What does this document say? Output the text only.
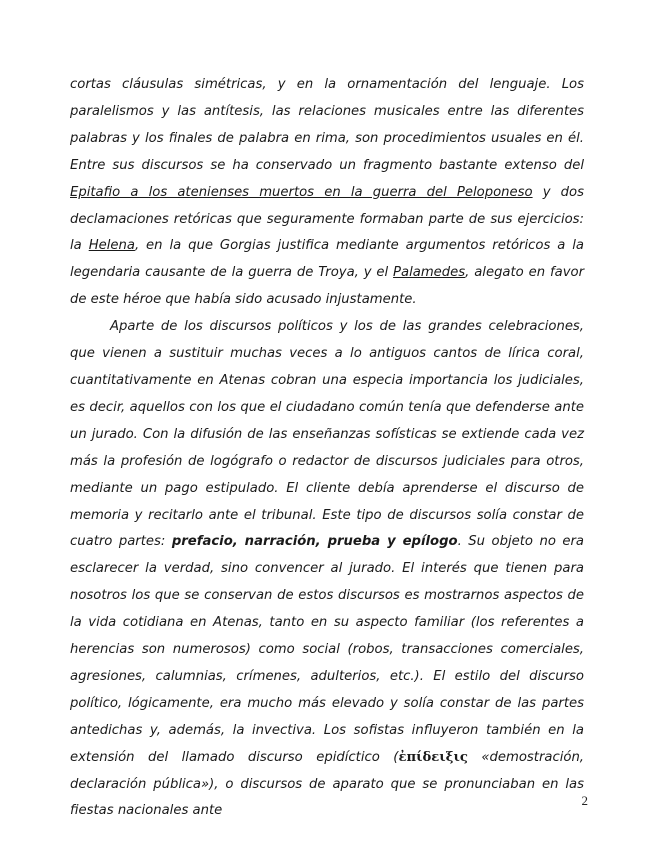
cortas cláusulas simétricas, y en la ornamentación del lenguaje. Los paralelismos y las antítesis, las relaciones musicales entre las diferentes palabras y los finales de palabra en rima, son procedimientos usuales en él. Entre sus discursos se ha conservado un fragmento bastante extenso del Epitafio a los atenienses muertos en la guerra del Peloponeso y dos declamaciones retóricas que seguramente formaban parte de sus ejercicios: la Helena, en la que Gorgias justifica mediante argumentos retóricos a la legendaria causante de la guerra de Troya, y el Palamedes, alegato en favor de este héroe que había sido acusado injustamente.

Aparte de los discursos políticos y los de las grandes celebraciones, que vienen a sustituir muchas veces a lo antiguos cantos de lírica coral, cuantitativamente en Atenas cobran una especia importancia los judiciales, es decir, aquellos con los que el ciudadano común tenía que defenderse ante un jurado. Con la difusión de las enseñanzas sofísticas se extiende cada vez más la profesión de logógrafo o redactor de discursos judiciales para otros, mediante un pago estipulado. El cliente debía aprenderse el discurso de memoria y recitarlo ante el tribunal. Este tipo de discursos solía constar de cuatro partes: prefacio, narración, prueba y epílogo. Su objeto no era esclarecer la verdad, sino convencer al jurado. El interés que tienen para nosotros los que se conservan de estos discursos es mostrarnos aspectos de la vida cotidiana en Atenas, tanto en su aspecto familiar (los referentes a herencias son numerosos) como social (robos, transacciones comerciales, agresiones, calumnias, crímenes, adulterios, etc.). El estilo del discurso político, lógicamente, era mucho más elevado y solía constar de las partes antedichas y, además, la invectiva. Los sofistas influyeron también en la extensión del llamado discurso epidíctico (ἐπίδειξις «demostración, declaración pública»), o discursos de aparato que se pronunciaban en las fiestas nacionales ante

2
